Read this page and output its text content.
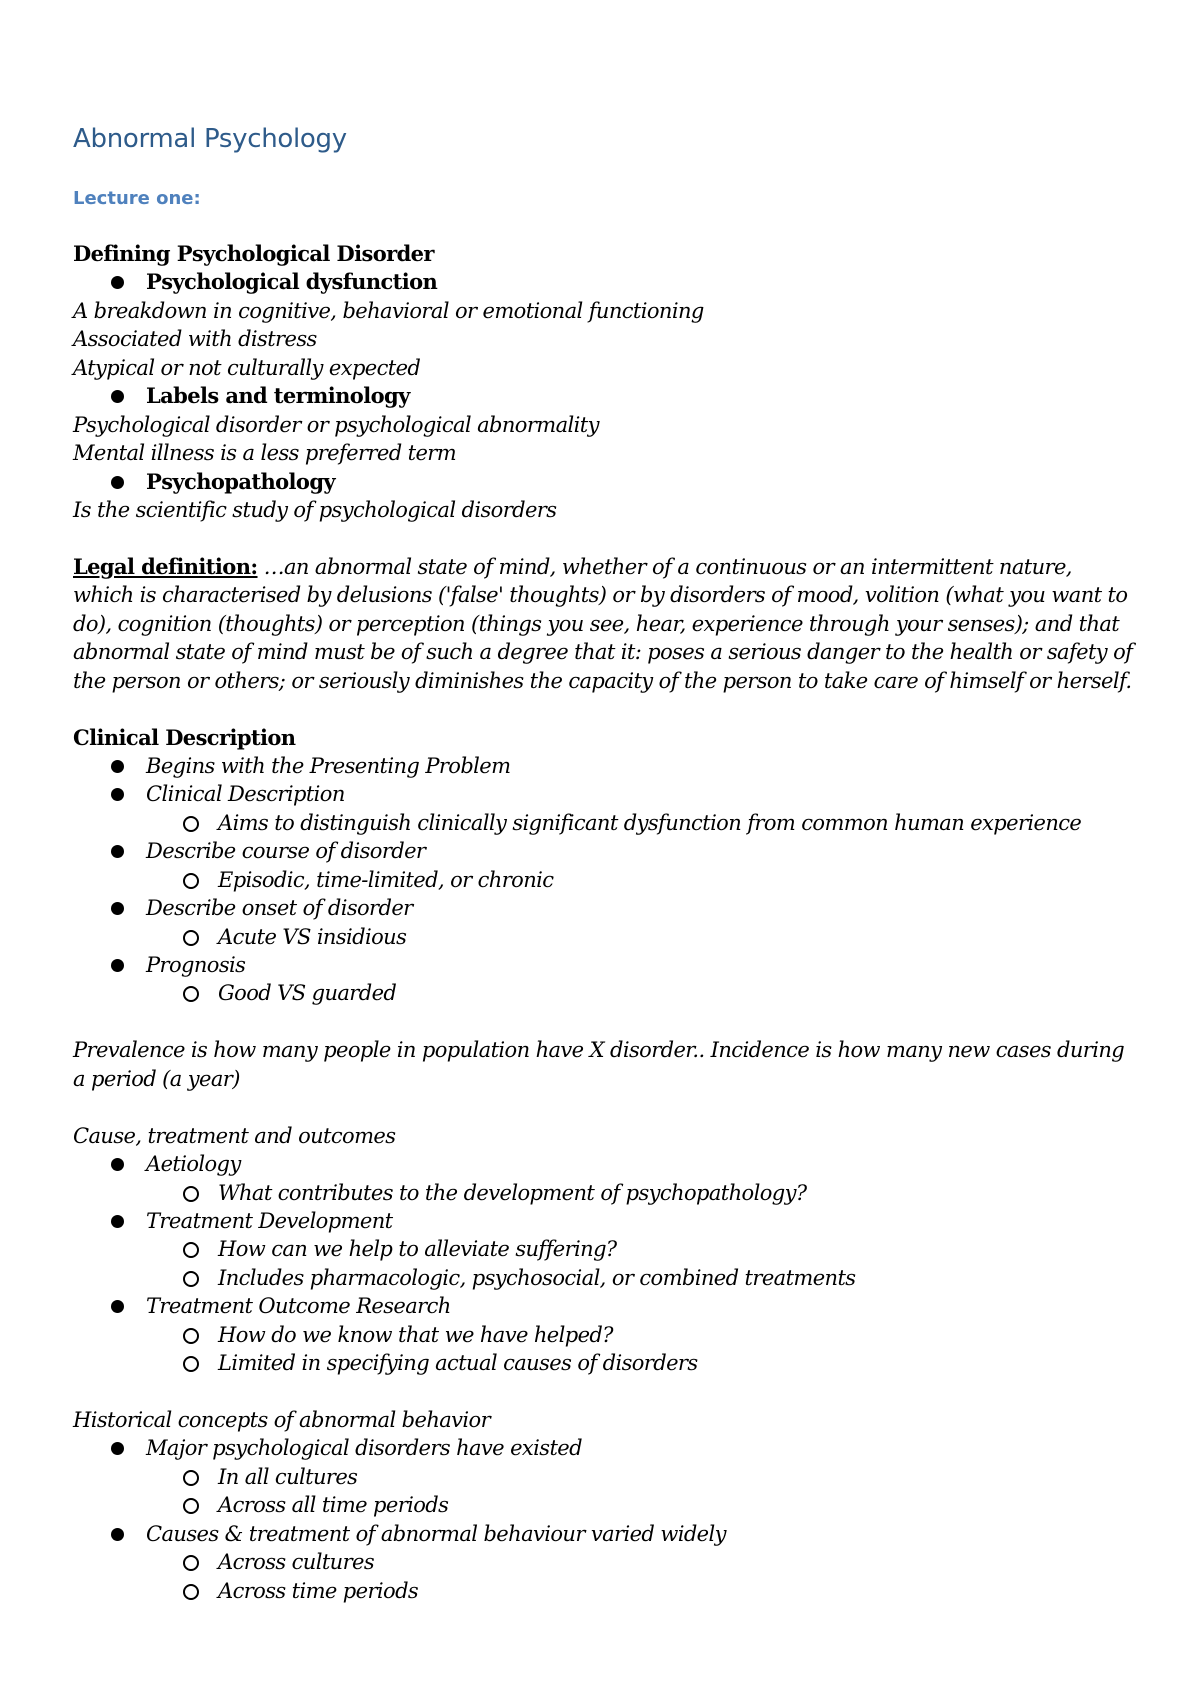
Abnormal Psychology
Lecture one:
Defining Psychological Disorder
Psychological dysfunction
A breakdown in cognitive, behavioral or emotional functioning
Associated with distress
Atypical or not culturally expected
Labels and terminology
Psychological disorder or psychological abnormality
Mental illness is a less preferred term
Psychopathology
Is the scientific study of psychological disorders
Legal definition: …an abnormal state of mind, whether of a continuous or an intermittent nature, which is characterised by delusions ('false' thoughts) or by disorders of mood, volition (what you want to do), cognition (thoughts) or perception (things you see, hear, experience through your senses); and that abnormal state of mind must be of such a degree that it: poses a serious danger to the health or safety of the person or others; or seriously diminishes the capacity of the person to take care of himself or herself.
Clinical Description
Begins with the Presenting Problem
Clinical Description
Aims to distinguish clinically significant dysfunction from common human experience
Describe course of disorder
Episodic, time-limited, or chronic
Describe onset of disorder
Acute VS insidious
Prognosis
Good VS guarded
Prevalence is how many people in population have X disorder.. Incidence is how many new cases during a period (a year)
Cause, treatment and outcomes
Aetiology
What contributes to the development of psychopathology?
Treatment Development
How can we help to alleviate suffering?
Includes pharmacologic, psychosocial, or combined treatments
Treatment Outcome Research
How do we know that we have helped?
Limited in specifying actual causes of disorders
Historical concepts of abnormal behavior
Major psychological disorders have existed
In all cultures
Across all time periods
Causes & treatment of abnormal behaviour varied widely
Across cultures
Across time periods
